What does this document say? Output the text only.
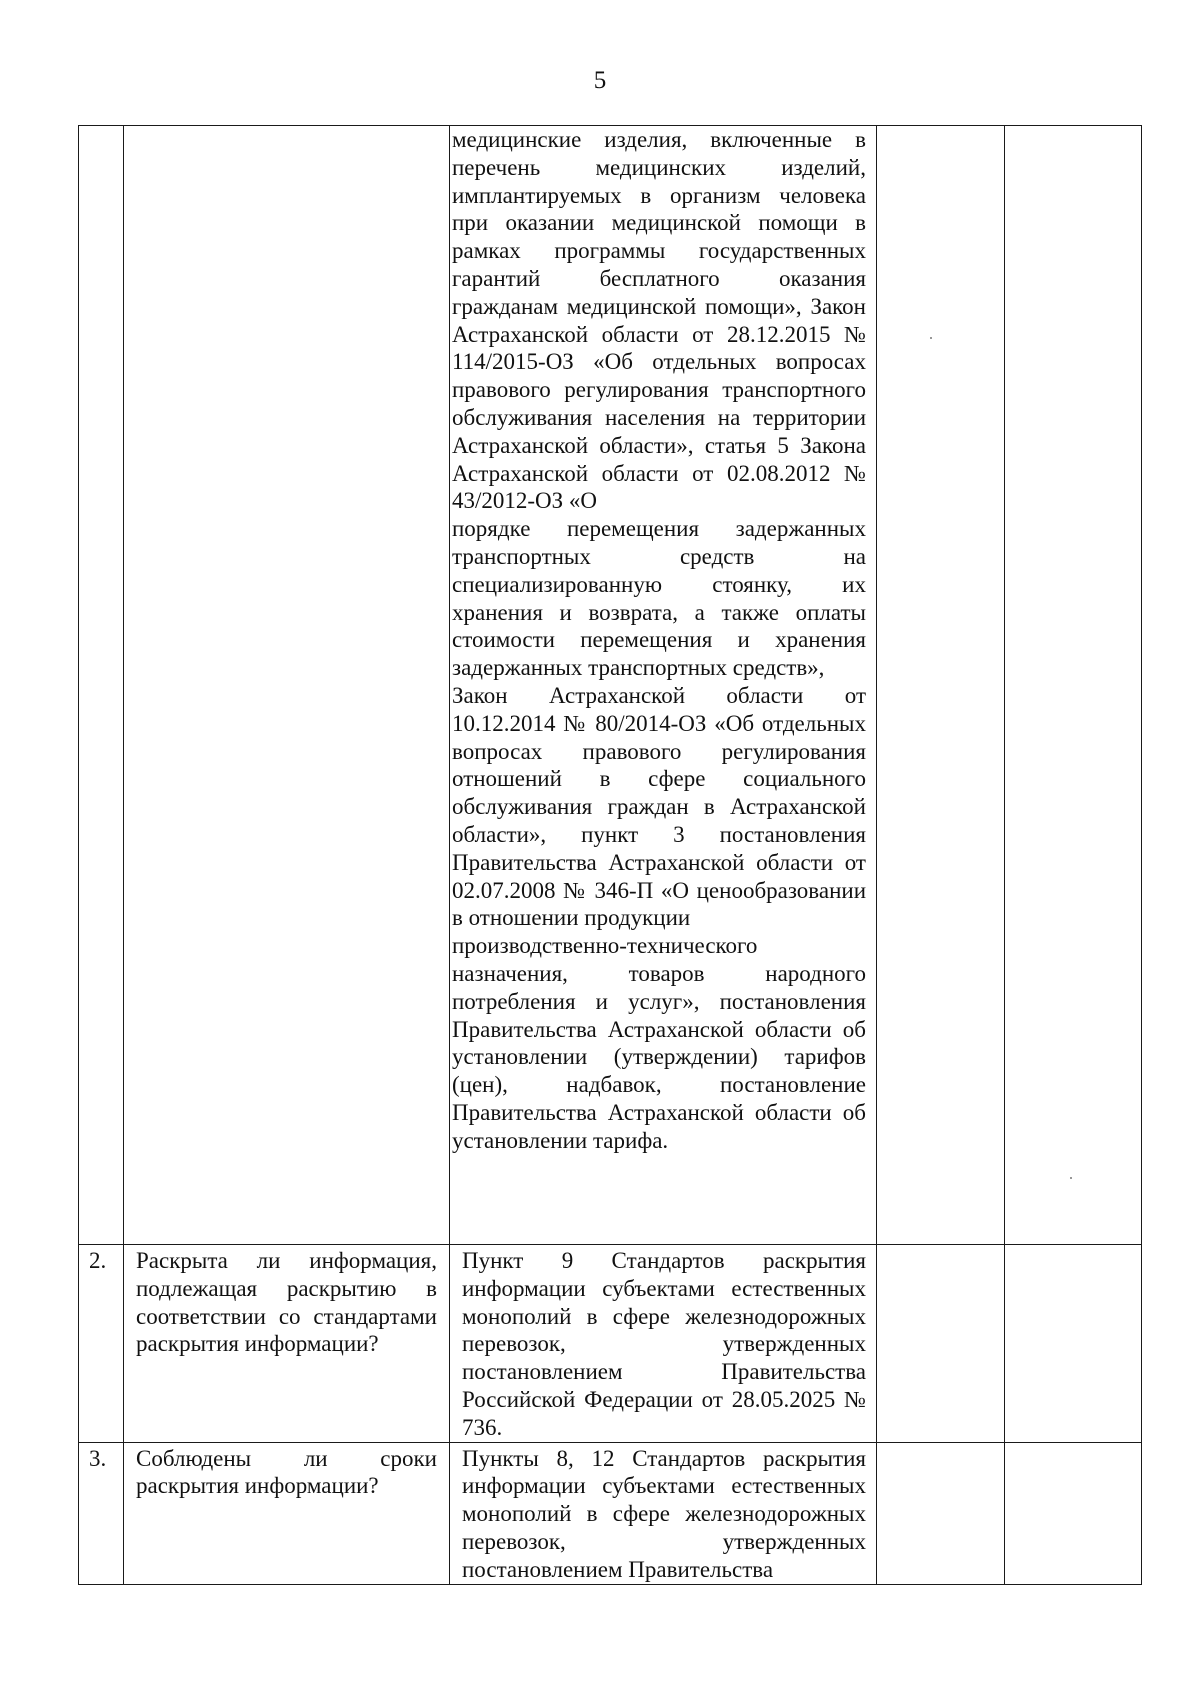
5

		медицинские изделия, включенные в перечень медицинских изделий, имплантируемых в организм человека при оказании медицинской помощи в рамках программы государственных гарантий бесплатного оказания гражданам медицинской помощи», Закон Астраханской области от 28.12.2015 № 114/2015-ОЗ «Об отдельных вопросах правового регулирования транспортного обслуживания населения на территории Астраханской области», статья 5 Закона Астраханской области от 02.08.2012 № 43/2012-ОЗ «О
порядке перемещения задержанных транспортных средств на специализированную стоянку, их хранения и возврата, а также оплаты стоимости перемещения и хранения задержанных транспортных средств»,
Закон Астраханской области от 10.12.2014 № 80/2014-ОЗ «Об отдельных вопросах правового регулирования отношений в сфере социального обслуживания граждан в Астраханской области», пункт 3 постановления Правительства Астраханской области от 02.07.2008 № 346-П «О ценообразовании в отношении продукции
производственно-технического
назначения, товаров народного потребления и услуг», постановления Правительства Астраханской области об установлении (утверждении) тарифов (цен), надбавок, постановление Правительства Астраханской области об установлении тарифа.		

2.	Раскрыта ли информация, подлежащая раскрытию в соответствии со стандартами раскрытия информации?	Пункт 9 Стандартов раскрытия информации субъектами естественных монополий в сфере железнодорожных перевозок, утвержденных постановлением Правительства Российской Федерации от 28.05.2025 № 736.		

3.	Соблюдены ли сроки раскрытия информации?	Пункты 8, 12 Стандартов раскрытия информации субъектами естественных монополий в сфере железнодорожных перевозок, утвержденных постановлением Правительства		
